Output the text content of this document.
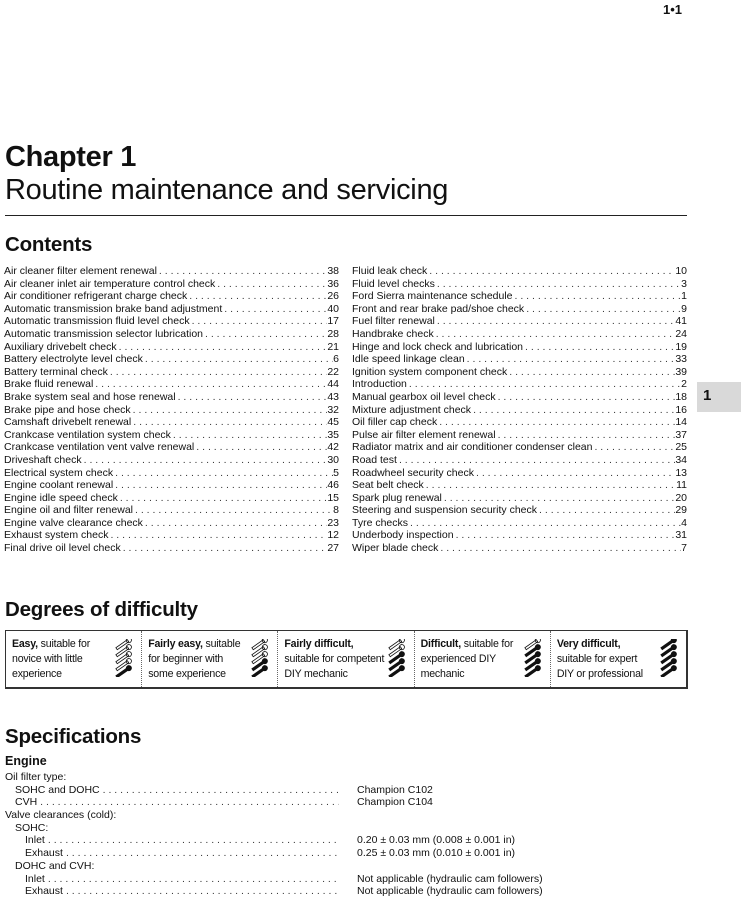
1•1
Chapter 1
Routine maintenance and servicing
1
Contents
Air cleaner filter element renewal . . .	38
Air cleaner inlet air temperature control check . . .	36
Air conditioner refrigerant charge check . . .	26
Automatic transmission brake band adjustment . . .	40
Automatic transmission fluid level check . . .	17
Automatic transmission selector lubrication . . .	28
Auxiliary drivebelt check . . .	21
Battery electrolyte level check . . .	6
Battery terminal check . . .	22
Brake fluid renewal . . .	44
Brake system seal and hose renewal . . .	43
Brake pipe and hose check . . .	32
Camshaft drivebelt renewal . . .	45
Crankcase ventilation system check . . .	35
Crankcase ventilation vent valve renewal . . .	42
Driveshaft check . . .	30
Electrical system check . . .	5
Engine coolant renewal . . .	46
Engine idle speed check . . .	15
Engine oil and filter renewal . . .	8
Engine valve clearance check . . .	23
Exhaust system check . . .	12
Final drive oil level check . . .	27
Fluid leak check . . .	10
Fluid level checks . . .	3
Ford Sierra maintenance schedule . . .	1
Front and rear brake pad/shoe check . . .	9
Fuel filter renewal . . .	41
Handbrake check . . .	24
Hinge and lock check and lubrication . . .	19
Idle speed linkage clean . . .	33
Ignition system component check . . .	39
Introduction . . .	2
Manual gearbox oil level check . . .	18
Mixture adjustment check . . .	16
Oil filler cap check . . .	14
Pulse air filter element renewal . . .	37
Radiator matrix and air conditioner condenser clean . . .	25
Road test . . .	34
Roadwheel security check . . .	13
Seat belt check . . .	11
Spark plug renewal . . .	20
Steering and suspension security check . . .	29
Tyre checks . . .	4
Underbody inspection . . .	31
Wiper blade check . . .	7
Degrees of difficulty
Easy, suitable for novice with little experience
Fairly easy, suitable for beginner with some experience
Fairly difficult, suitable for competent DIY mechanic
Difficult, suitable for experienced DIY mechanic
Very difficult, suitable for expert DIY or professional
Specifications
Engine
Oil filter type:
SOHC and DOHC . . .	Champion C102
CVH . . .	Champion C104
Valve clearances (cold):
SOHC:
Inlet . . .	0.20 ± 0.03 mm (0.008 ± 0.001 in)
Exhaust . . .	0.25 ± 0.03 mm (0.010 ± 0.001 in)
DOHC and CVH:
Inlet . . .	Not applicable (hydraulic cam followers)
Exhaust . . .	Not applicable (hydraulic cam followers)
